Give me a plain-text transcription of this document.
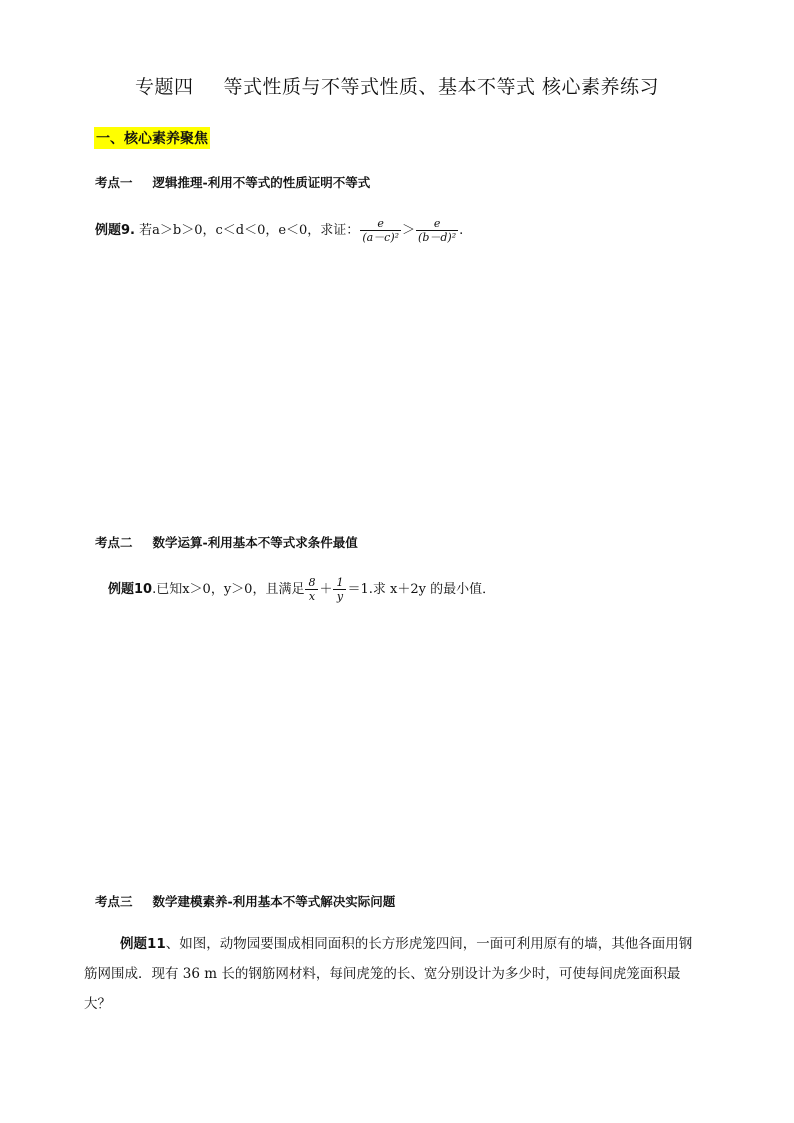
专题四 等式性质与不等式性质、基本不等式 核心素养练习
一、核心素养聚焦
考点一 逻辑推理-利用不等式的性质证明不等式
例题9. 若a＞b＞0，c＜d＜0，e＜0，求证： $\frac{e}{\text{(a－c)²}} > \frac{e}{\text{(b－d)²}}$ .
考点二 数学运算-利用基本不等式求条件最值
例题10.已知x＞0，y＞0，且满足 $\frac{8}{x} + \frac{1}{y} =1$.求 x＋2y 的最小值．
考点三 数学建模素养-利用基本不等式解决实际问题
例题11、如图，动物园要围成相同面积的长方形虎笼四间，一面可利用原有的墙，其他各面用钢筋网围成．现有 36 m 长的钢筋网材料，每间虎笼的长、宽分别设计为多少时，可使每间虎笼面积最大？
